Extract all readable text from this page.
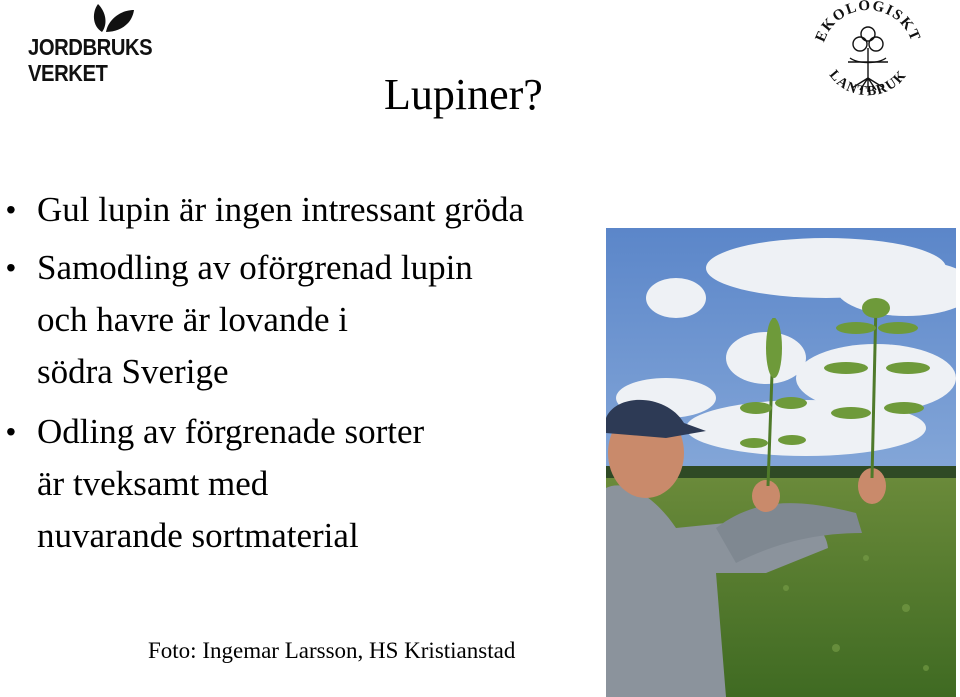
JORDBRUKS
VERKET
EKOLOGISKT
LANTBRUK
Lupiner?
• Gul lupin är ingen intressant gröda
• Samodling av oförgrenad lupin
och havre är lovande i
södra Sverige
• Odling av förgrenade sorter
är tveksamt med
nuvarande sortmaterial
Foto: Ingemar Larsson, HS Kristianstad
